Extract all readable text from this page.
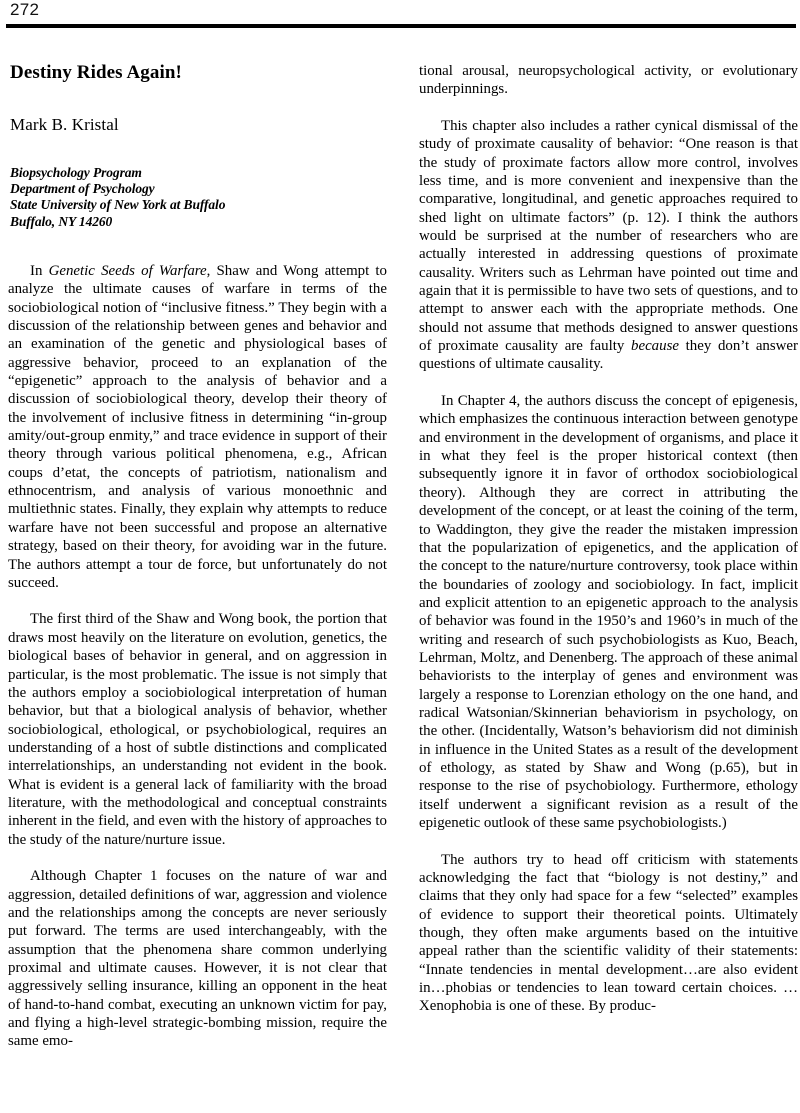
272
Destiny Rides Again!

Mark B. Kristal

Biopsychology Program
Department of Psychology
State University of New York at Buffalo
Buffalo, NY 14260

In Genetic Seeds of Warfare, Shaw and Wong attempt to analyze the ultimate causes of warfare in terms of the sociobiological notion of “inclusive fitness.” They begin with a discussion of the relationship between genes and behavior and an examination of the genetic and physiological bases of aggressive behavior, proceed to an explanation of the “epigenetic” approach to the analysis of behavior and a discussion of sociobiological theory, develop their theory of the involvement of inclusive fitness in determining “in-group amity/out-group enmity,” and trace evidence in support of their theory through various political phenomena, e.g., African coups d’etat, the concepts of patriotism, nationalism and ethnocentrism, and analysis of various monoethnic and multiethnic states. Finally, they explain why attempts to reduce warfare have not been successful and propose an alternative strategy, based on their theory, for avoiding war in the future. The authors attempt a tour de force, but unfortunately do not succeed.

The first third of the Shaw and Wong book, the portion that draws most heavily on the literature on evolution, genetics, the biological bases of behavior in general, and on aggression in particular, is the most problematic. The issue is not simply that the authors employ a sociobiological interpretation of human behavior, but that a biological analysis of behavior, whether sociobiological, ethological, or psychobiological, requires an understanding of a host of subtle distinctions and complicated interrelationships, an understanding not evident in the book. What is evident is a general lack of familiarity with the broad literature, with the methodological and conceptual constraints inherent in the field, and even with the history of approaches to the study of the nature/nurture issue.

Although Chapter 1 focuses on the nature of war and aggression, detailed definitions of war, aggression and violence and the relationships among the concepts are never seriously put forward. The terms are used interchangeably, with the assumption that the phenomena share common underlying proximal and ultimate causes. However, it is not clear that aggressively selling insurance, killing an opponent in the heat of hand-to-hand combat, executing an unknown victim for pay, and flying a high-level strategic-bombing mission, require the same emo-

tional arousal, neuropsychological activity, or evolutionary underpinnings.

This chapter also includes a rather cynical dismissal of the study of proximate causality of behavior: “One reason is that the study of proximate factors allow more control, involves less time, and is more convenient and inexpensive than the comparative, longitudinal, and genetic approaches required to shed light on ultimate factors” (p. 12). I think the authors would be surprised at the number of researchers who are actually interested in addressing questions of proximate causality. Writers such as Lehrman have pointed out time and again that it is permissible to have two sets of questions, and to attempt to answer each with the appropriate methods. One should not assume that methods designed to answer questions of proximate causality are faulty because they don’t answer questions of ultimate causality.

In Chapter 4, the authors discuss the concept of epigenesis, which emphasizes the continuous interaction between genotype and environment in the development of organisms, and place it in what they feel is the proper historical context (then subsequently ignore it in favor of orthodox sociobiological theory). Although they are correct in attributing the development of the concept, or at least the coining of the term, to Waddington, they give the reader the mistaken impression that the popularization of epigenetics, and the application of the concept to the nature/nurture controversy, took place within the boundaries of zoology and sociobiology. In fact, implicit and explicit attention to an epigenetic approach to the analysis of behavior was found in the 1950’s and 1960’s in much of the writing and research of such psychobiologists as Kuo, Beach, Lehrman, Moltz, and Denenberg. The approach of these animal behaviorists to the interplay of genes and environment was largely a response to Lorenzian ethology on the one hand, and radical Watsonian/Skinnerian behaviorism in psychology, on the other. (Incidentally, Watson’s behaviorism did not diminish in influence in the United States as a result of the development of ethology, as stated by Shaw and Wong (p.65), but in response to the rise of psychobiology. Furthermore, ethology itself underwent a significant revision as a result of the epigenetic outlook of these same psychobiologists.)

The authors try to head off criticism with statements acknowledging the fact that “biology is not destiny,” and claims that they only had space for a few “selected” examples of evidence to support their theoretical points. Ultimately though, they often make arguments based on the intuitive appeal rather than the scientific validity of their statements: “Innate tendencies in mental development…are also evident in…phobias or tendencies to lean toward certain choices. …Xenophobia is one of these. By produc-
